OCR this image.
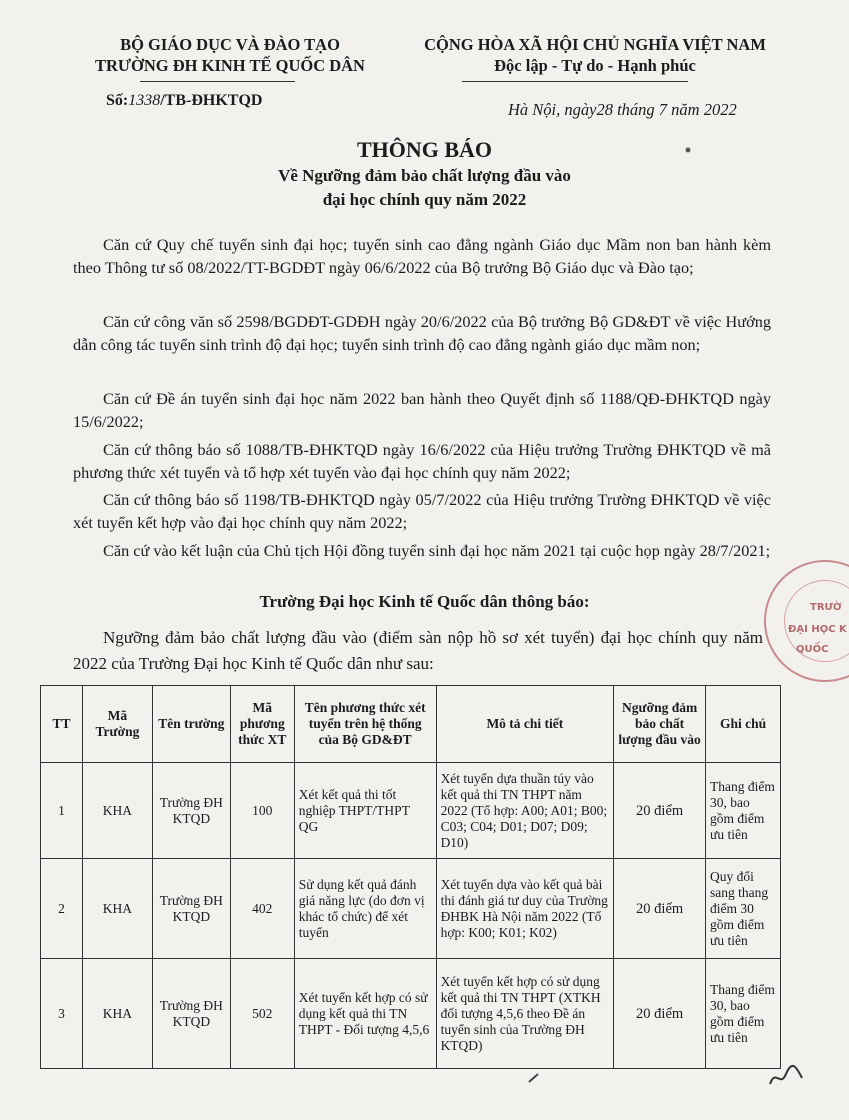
BỘ GIÁO DỤC VÀ ĐÀO TẠO
TRƯỜNG ĐH KINH TẾ QUỐC DÂN
CỘNG HÒA XÃ HỘI CHỦ NGHĨA VIỆT NAM
Độc lập - Tự do - Hạnh phúc
Số:1338/TB-ĐHKTQD	Hà Nội, ngày28 tháng 7 năm 2022
THÔNG BÁO
Về Ngưỡng đảm bảo chất lượng đầu vào
đại học chính quy năm 2022
Căn cứ Quy chế tuyển sinh đại học; tuyển sinh cao đẳng ngành Giáo dục Mầm non ban hành kèm theo Thông tư số 08/2022/TT-BGDĐT ngày 06/6/2022 của Bộ trưởng Bộ Giáo dục và Đào tạo;
Căn cứ công văn số 2598/BGDĐT-GDĐH ngày 20/6/2022 của Bộ trưởng Bộ GD&ĐT về việc Hướng dẫn công tác tuyển sinh trình độ đại học; tuyển sinh trình độ cao đẳng ngành giáo dục mầm non;
Căn cứ Đề án tuyển sinh đại học năm 2022 ban hành theo Quyết định số 1188/QĐ-ĐHKTQD ngày 15/6/2022;
Căn cứ thông báo số 1088/TB-ĐHKTQD ngày 16/6/2022 của Hiệu trưởng Trường ĐHKTQD về mã phương thức xét tuyển và tổ hợp xét tuyển vào đại học chính quy năm 2022;
Căn cứ thông báo số 1198/TB-ĐHKTQD ngày 05/7/2022 của Hiệu trưởng Trường ĐHKTQD về việc xét tuyển kết hợp vào đại học chính quy năm 2022;
Căn cứ vào kết luận của Chủ tịch Hội đồng tuyển sinh đại học năm 2021 tại cuộc họp ngày 28/7/2021;
Trường Đại học Kinh tế Quốc dân thông báo:
Ngưỡng đảm bảo chất lượng đầu vào (điểm sàn nộp hồ sơ xét tuyển) đại học chính quy năm 2022 của Trường Đại học Kinh tế Quốc dân như sau:
TT	Mã Trường	Tên trường	Mã phương thức XT	Tên phương thức xét tuyển trên hệ thống của Bộ GD&ĐT	Mô tả chi tiết	Ngưỡng đảm bảo chất lượng đầu vào	Ghi chú
1	KHA	Trường ĐH KTQD	100	Xét kết quả thi tốt nghiệp THPT/THPT QG	Xét tuyển dựa thuần túy vào kết quả thi TN THPT năm 2022 (Tổ hợp: A00; A01; B00; C03; C04; D01; D07; D09; D10)	20 điểm	Thang điểm 30, bao gồm điểm ưu tiên
2	KHA	Trường ĐH KTQD	402	Sử dụng kết quả đánh giá năng lực (do đơn vị khác tổ chức) để xét tuyển	Xét tuyển dựa vào kết quả bài thi đánh giá tư duy của Trường ĐHBK Hà Nội năm 2022 (Tổ hợp: K00; K01; K02)	20 điểm	Quy đổi sang thang điểm 30 gồm điểm ưu tiên
3	KHA	Trường ĐH KTQD	502	Xét tuyển kết hợp có sử dụng kết quả thi TN THPT - Đối tượng 4,5,6	Xét tuyển kết hợp có sử dụng kết quả thi TN THPT (XTKH đối tượng 4,5,6 theo Đề án tuyển sinh của Trường ĐH KTQD)	20 điểm	Thang điểm 30, bao gồm điểm ưu tiên
TRƯỜ
ĐẠI HỌC K
QUỐC
